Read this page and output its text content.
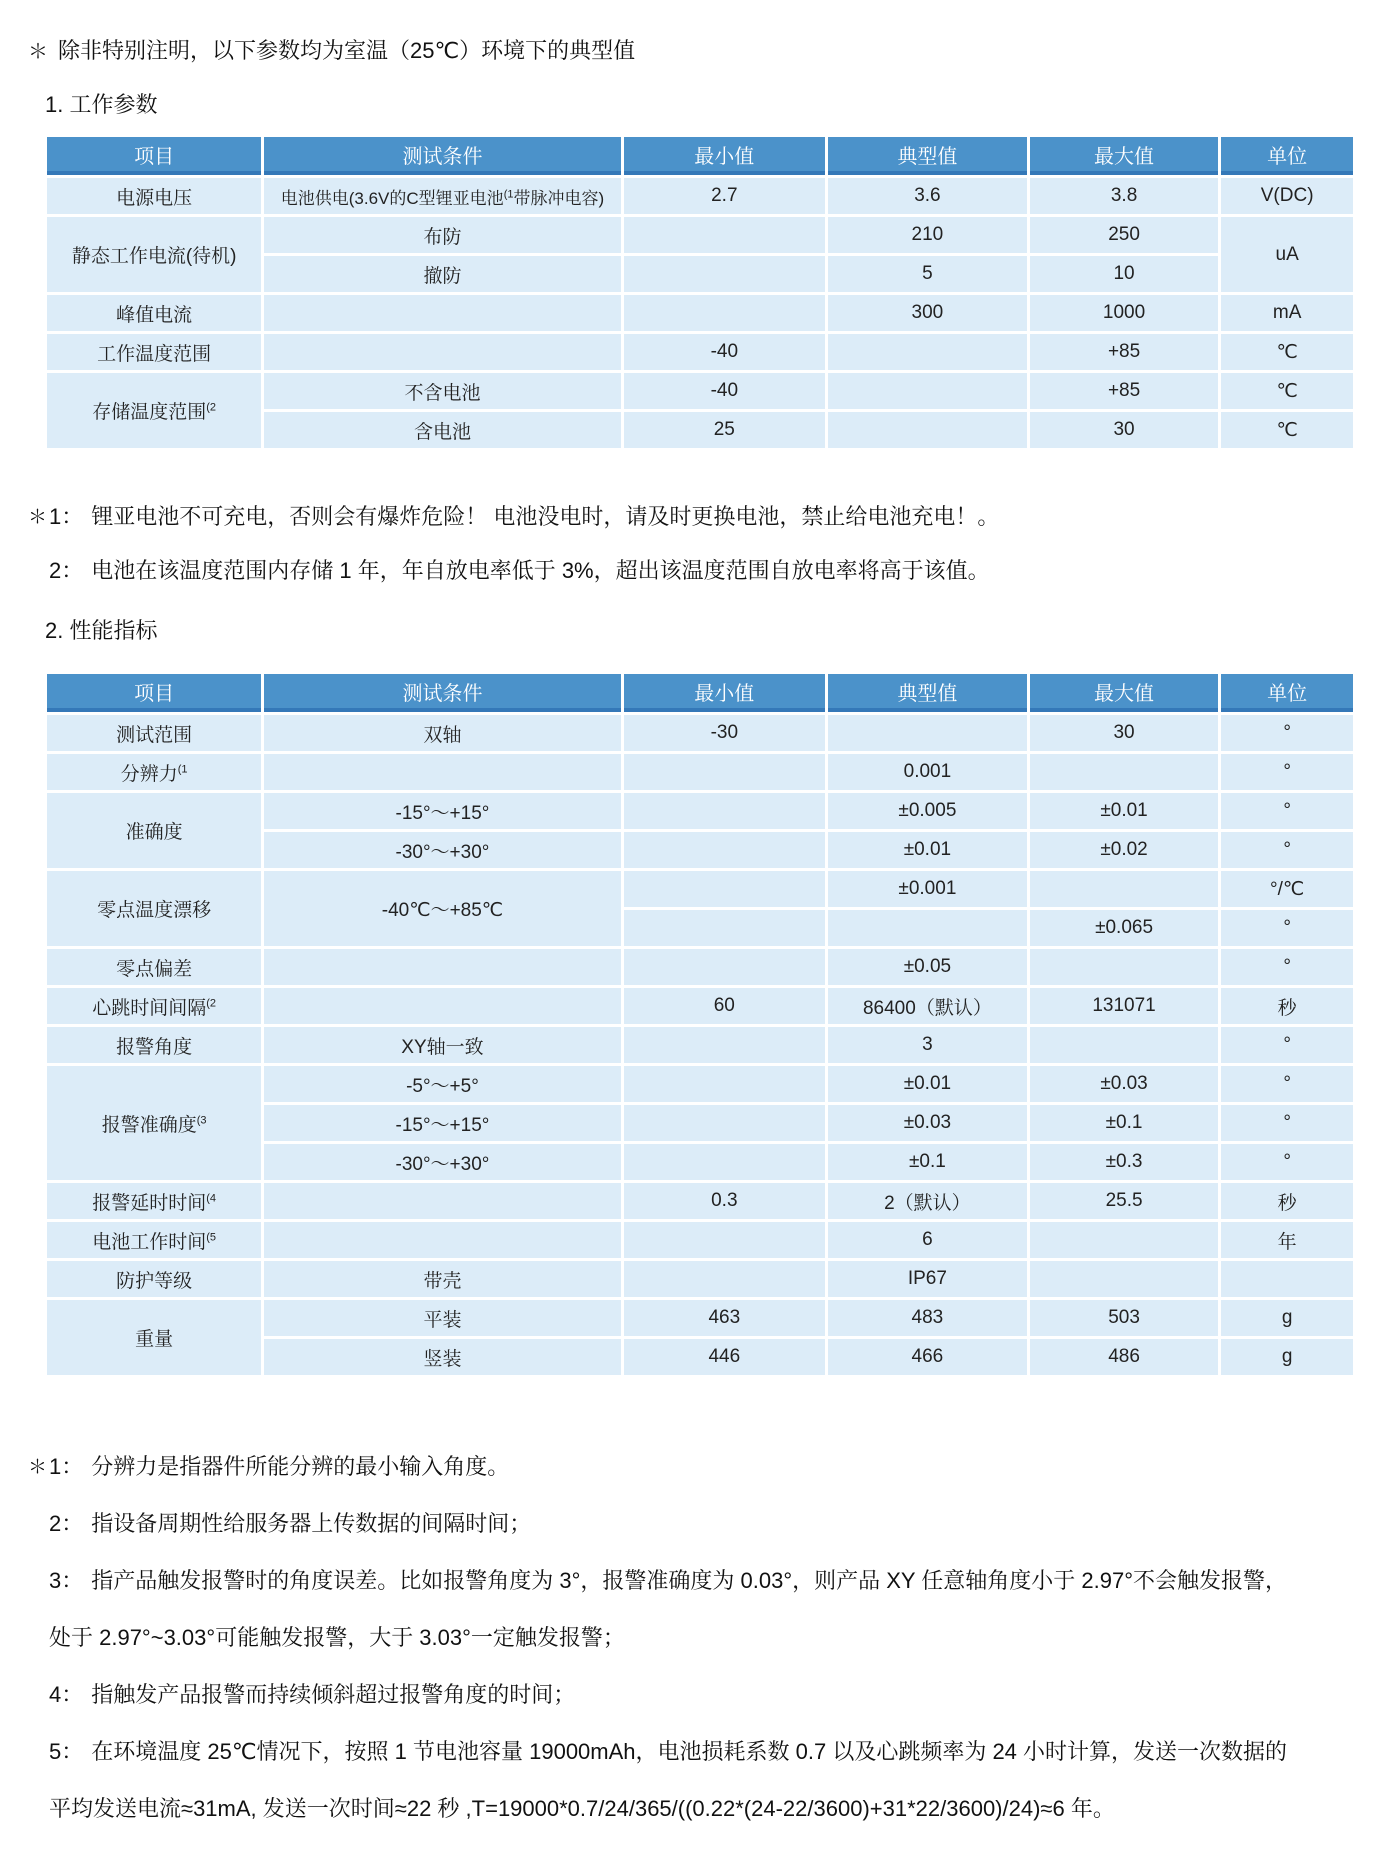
＊ 除非特别注明，以下参数均为室温（25℃）环境下的典型值
1. 工作参数
项目	测试条件	最小值	典型值	最大值	单位
电源电压	电池供电(3.6V的C型锂亚电池$^{(1}$带脉冲电容)	2.7	3.6	3.8	V(DC)
静态工作电流(待机)	布防		210	250	uA
	撤防		5	10	
峰值电流			300	1000	mA
工作温度范围		-40		+85	℃
存储温度范围$^{(2}$	不含电池	-40		+85	℃
	含电池	25		30	℃
＊ 1： 锂亚电池不可充电，否则会有爆炸危险！ 电池没电时，请及时更换电池，禁止给电池充电！。
2： 电池在该温度范围内存储 1 年，年自放电率低于 3%，超出该温度范围自放电率将高于该值。
2. 性能指标
项目	测试条件	最小值	典型值	最大值	单位
测试范围	双轴	-30		30	°
分辨力$^{(1}$			0.001		°
准确度	-15°～+15°		±0.005	±0.01	°
	-30°～+30°		±0.01	±0.02	°
零点温度漂移	-40℃～+85℃		±0.001		°/℃
				±0.065	°
零点偏差			±0.05		°
心跳时间间隔$^{(2}$		60	86400（默认）	131071	秒
报警角度	XY轴一致		3		°
报警准确度$^{(3}$	-5°～+5°		±0.01	±0.03	°
	-15°～+15°		±0.03	±0.1	°
	-30°～+30°		±0.1	±0.3	°
报警延时时间$^{(4}$		0.3	2（默认）	25.5	秒
电池工作时间$^{(5}$			6		年
防护等级	带壳		IP67		
重量	平装	463	483	503	g
	竖装	446	466	486	g
＊ 1： 分辨力是指器件所能分辨的最小输入角度。
2： 指设备周期性给服务器上传数据的间隔时间；
3： 指产品触发报警时的角度误差。比如报警角度为 3°，报警准确度为 0.03°，则产品 XY 任意轴角度小于 2.97°不会触发报警，
处于 2.97°~3.03°可能触发报警，大于 3.03°一定触发报警；
4： 指触发产品报警而持续倾斜超过报警角度的时间；
5： 在环境温度 25℃情况下，按照 1 节电池容量 19000mAh，电池损耗系数 0.7 以及心跳频率为 24 小时计算，发送一次数据的
平均发送电流≈31mA, 发送一次时间≈22 秒 ,T=19000*0.7/24/365/((0.22*(24-22/3600)+31*22/3600)/24)≈6 年。
